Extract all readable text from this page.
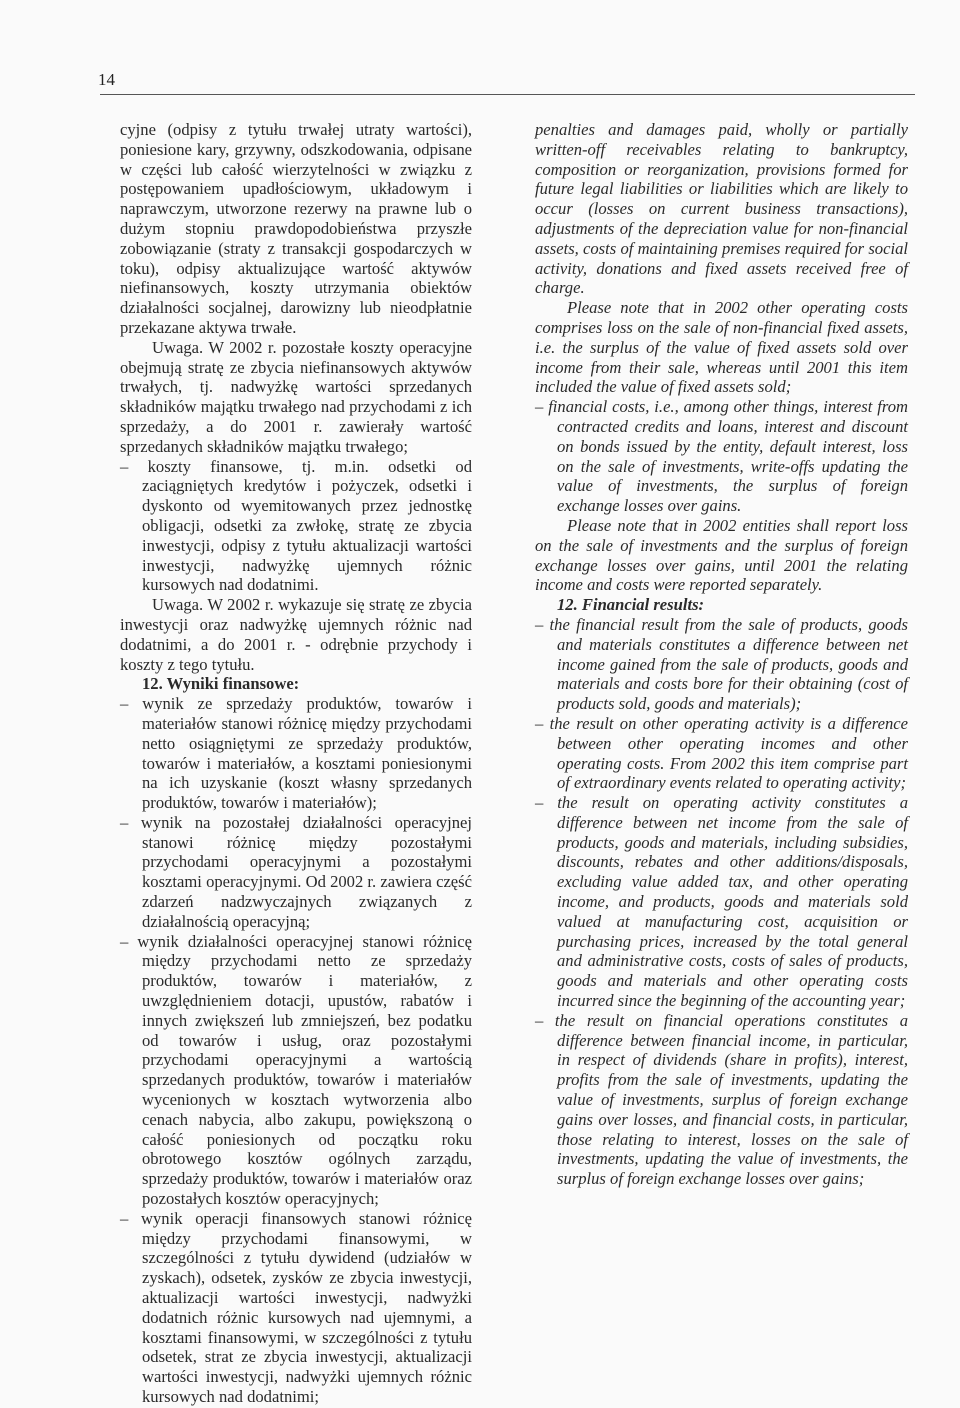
14

cyjne (odpisy z tytułu trwałej utraty wartości), poniesione kary, grzywny, odszkodowania, odpisane w części lub całość wierzytelności w związku z postępowaniem upadłościowym, układowym i naprawczym, utworzone rezerwy na prawne lub o dużym stopniu prawdopodobieństwa przyszłe zobowiązanie (straty z transakcji gospodarczych w toku), odpisy aktualizujące wartość aktywów niefinansowych, koszty utrzymania obiektów działalności socjalnej, darowizny lub nieodpłatnie przekazane aktywa trwałe.

Uwaga. W 2002 r. pozostałe koszty operacyjne obejmują stratę ze zbycia niefinansowych aktywów trwałych, tj. nadwyżkę wartości sprzedanych składników majątku trwałego nad przychodami z ich sprzedaży, a do 2001 r. zawierały wartość sprzedanych składników majątku trwałego;

– koszty finansowe, tj. m.in. odsetki od zaciągniętych kredytów i pożyczek, odsetki i dyskonto od wyemitowanych przez jednostkę obligacji, odsetki za zwłokę, stratę ze zbycia inwestycji, odpisy z tytułu aktualizacji wartości inwestycji, nadwyżkę ujemnych różnic kursowych nad dodatnimi.

Uwaga. W 2002 r. wykazuje się stratę ze zbycia inwestycji oraz nadwyżkę ujemnych różnic nad dodatnimi, a do 2001 r. - odrębnie przychody i koszty z tego tytułu.

12. Wyniki finansowe:

– wynik ze sprzedaży produktów, towarów i materiałów stanowi różnicę między przychodami netto osiągniętymi ze sprzedaży produktów, towarów i materiałów, a kosztami poniesionymi na ich uzyskanie (koszt własny sprzedanych produktów, towarów i materiałów);

– wynik na pozostałej działalności operacyjnej stanowi różnicę między pozostałymi przychodami operacyjnymi a pozostałymi kosztami operacyjnymi. Od 2002 r. zawiera część zdarzeń nadzwyczajnych związanych z działalnością operacyjną;

– wynik działalności operacyjnej stanowi różnicę między przychodami netto ze sprzedaży produktów, towarów i materiałów, z uwzględnieniem dotacji, upustów, rabatów i innych zwiększeń lub zmniejszeń, bez podatku od towarów i usług, oraz pozostałymi przychodami operacyjnymi a wartością sprzedanych produktów, towarów i materiałów wycenionych w kosztach wytworzenia albo cenach nabycia, albo zakupu, powiększoną o całość poniesionych od początku roku obrotowego kosztów ogólnych zarządu, sprzedaży produktów, towarów i materiałów oraz pozostałych kosztów operacyjnych;

– wynik operacji finansowych stanowi różnicę między przychodami finansowymi, w szczególności z tytułu dywidend (udziałów w zyskach), odsetek, zysków ze zbycia inwestycji, aktualizacji wartości inwestycji, nadwyżki dodatnich różnic kursowych nad ujemnymi, a kosztami finansowymi, w szczególności z tytułu odsetek, strat ze zbycia inwestycji, aktualizacji wartości inwestycji, nadwyżki ujemnych różnic kursowych nad dodatnimi;

penalties and damages paid, wholly or partially written-off receivables relating to bankruptcy, composition or reorganization, provisions formed for future legal liabilities or liabilities which are likely to occur (losses on current business transactions), adjustments of the depreciation value for non-financial assets, costs of maintaining premises required for social activity, donations and fixed assets received free of charge.

Please note that in 2002 other operating costs comprises loss on the sale of non-financial fixed assets, i.e. the surplus of the value of fixed assets sold over income from their sale, whereas until 2001 this item included the value of fixed assets sold;

– financial costs, i.e., among other things, interest from contracted credits and loans, interest and discount on bonds issued by the entity, default interest, loss on the sale of investments, write-offs updating the value of investments, the surplus of foreign exchange losses over gains.

Please note that in 2002 entities shall report loss on the sale of investments and the surplus of foreign exchange losses over gains, until 2001 the relating income and costs were reported separately.

12. Financial results:

– the financial result from the sale of products, goods and materials constitutes a difference between net income gained from the sale of products, goods and materials and costs bore for their obtaining (cost of products sold, goods and materials);

– the result on other operating activity is a difference between other operating incomes and other operating costs. From 2002 this item comprise part of extraordinary events related to operating activity;

– the result on operating activity constitutes a difference between net income from the sale of products, goods and materials, including subsidies, discounts, rebates and other additions/disposals, excluding value added tax, and other operating income, and products, goods and materials sold valued at manufacturing cost, acquisition or purchasing prices, increased by the total general and administrative costs, costs of sales of products, goods and materials and other operating costs incurred since the beginning of the accounting year;

– the result on financial operations constitutes a difference between financial income, in particular, in respect of dividends (share in profits), interest, profits from the sale of investments, updating the value of investments, surplus of foreign exchange gains over losses, and financial costs, in particular, those relating to interest, losses on the sale of investments, updating the value of investments, the surplus of foreign exchange losses over gains;
